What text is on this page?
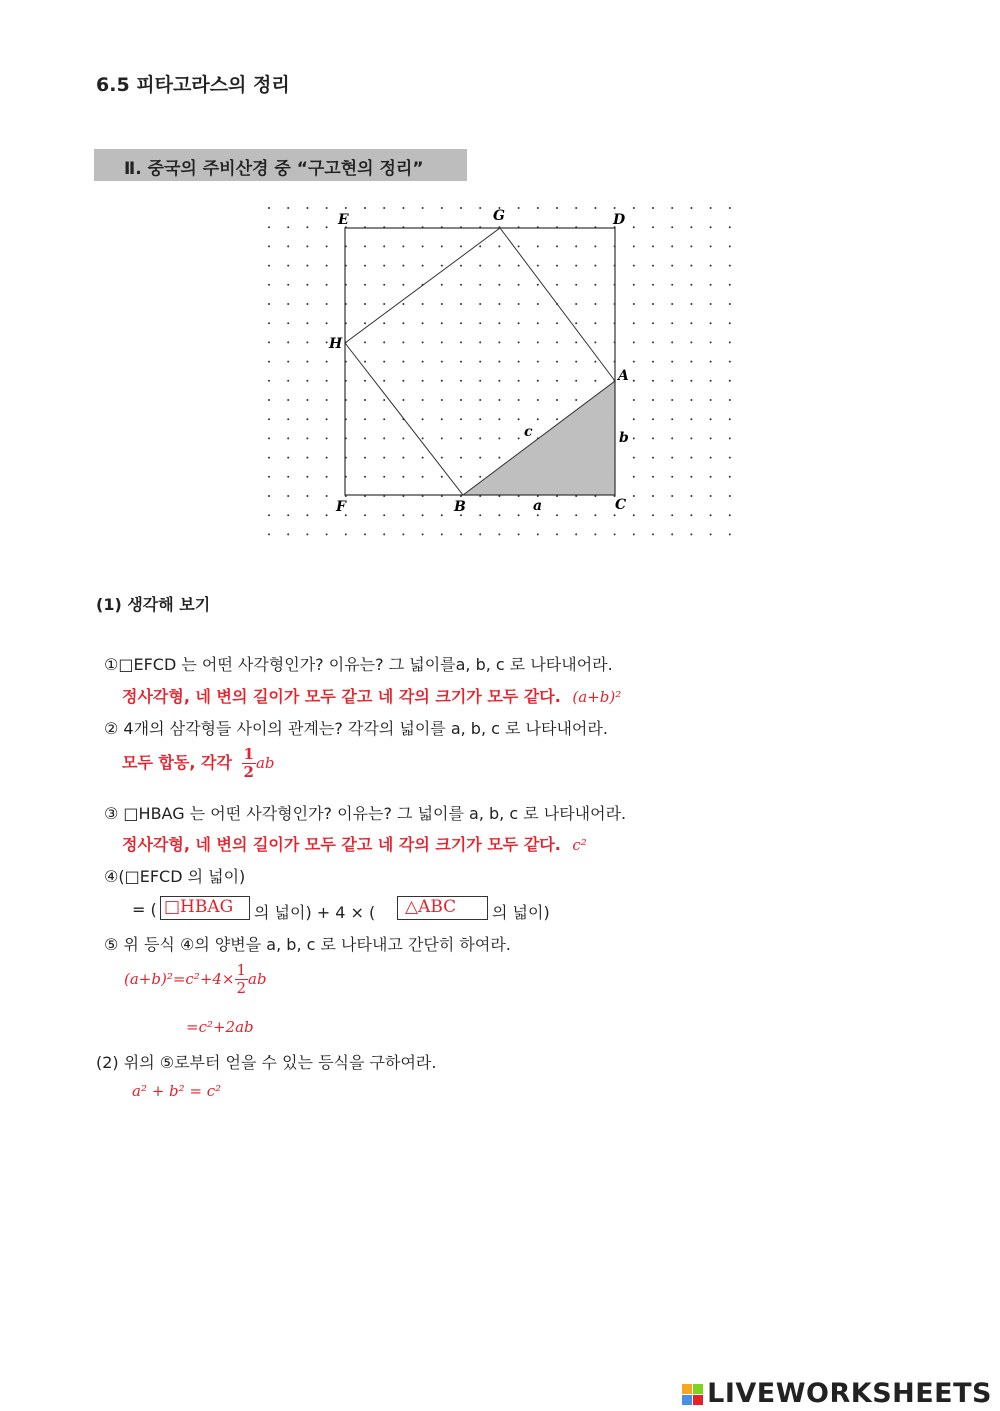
6.5 피타고라스의 정리
Ⅱ. 중국의 주비산경 중 “구고현의 정리”
E	G	D
H
A
F	B	C
a
b
c
(1) 생각해 보기
①□EFCD 는 어떤 사각형인가? 이유는? 그 넓이를a, b, c 로 나타내어라.
정사각형, 네 변의 길이가 모두 같고 네 각의 크기가 모두 같다. (a+b)²
② 4개의 삼각형들 사이의 관계는? 각각의 넓이를 a, b, c 로 나타내어라.
모두 합동, 각각 $\frac{1}{2}$ ab
③ □HBAG 는 어떤 사각형인가? 이유는? 그 넓이를 a, b, c 로 나타내어라.
정사각형, 네 변의 길이가 모두 같고 네 각의 크기가 모두 같다. c²
④(□EFCD 의 넓이)
= ( □HBAG	의 넓이) + 4 × (	△ABC	의 넓이)
⑤ 위 등식 ④의 양변을 a, b, c 로 나타내고 간단히 하여라.
$(a+b)^2=c^2+4\times \frac{1}{2}$ ab
=c²+2ab
(2) 위의 ⑤로부터 얻을 수 있는 등식을 구하여라.
a² + b² = c²
LIVEWORKSHEETS
